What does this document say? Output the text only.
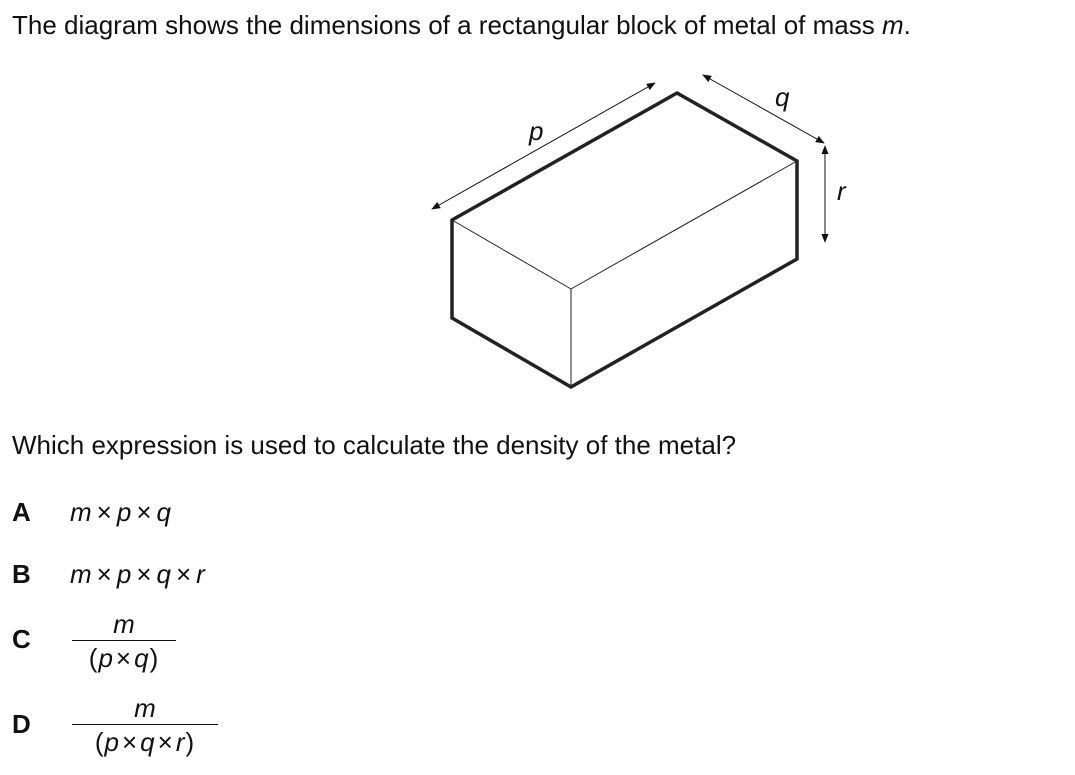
The diagram shows the dimensions of a rectangular block of metal of mass m.
p
q
r
Which expression is used to calculate the density of the metal?
A m × p × q
B m × p × q × r
C	m
(p×q)
D
m
(p×q×r)
